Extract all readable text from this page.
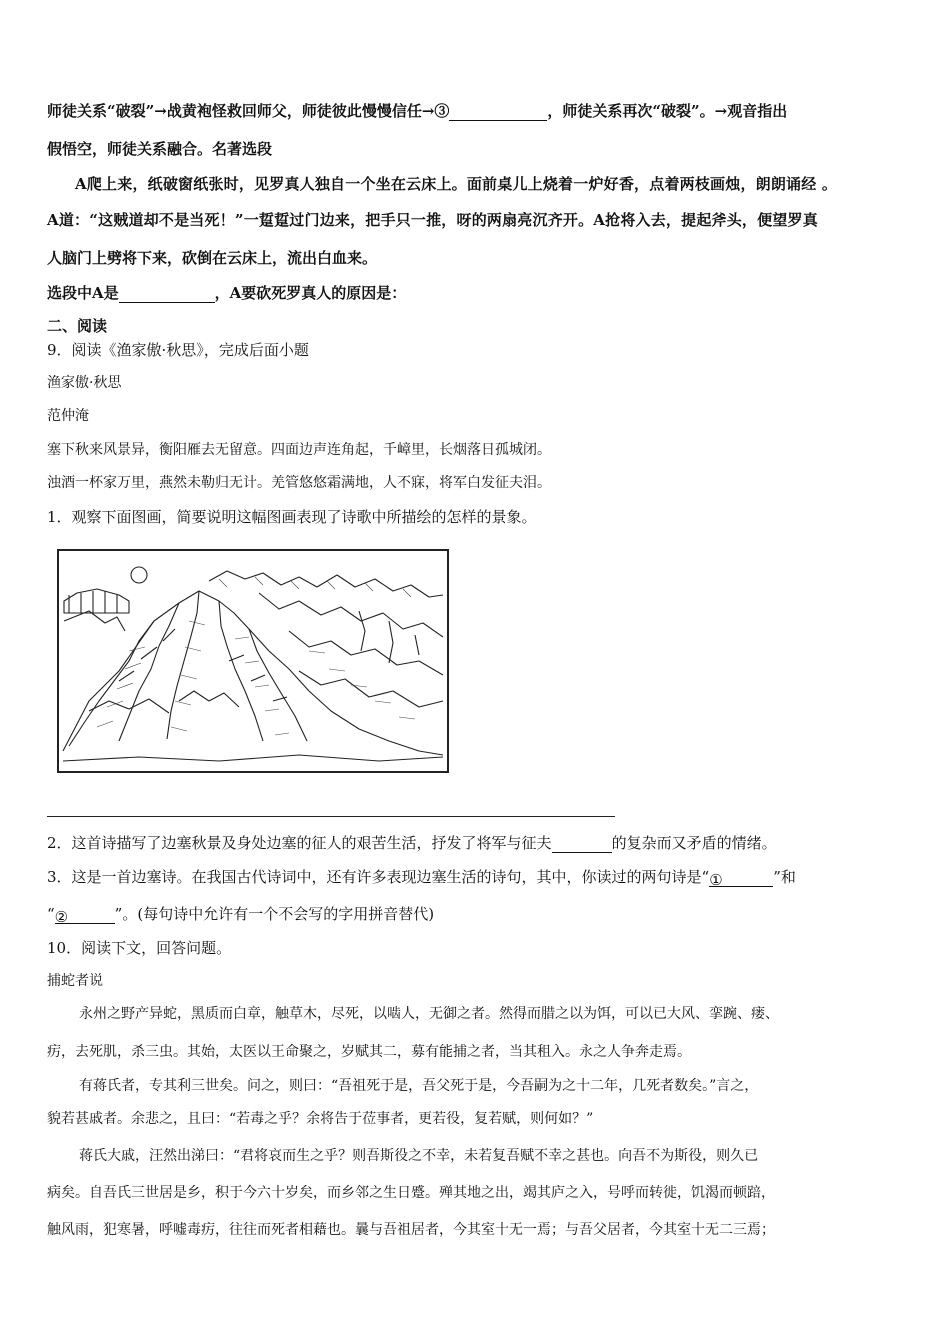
师徒关系“破裂”→战黄袍怪救回师父，师徒彼此慢慢信任→③	，师徒关系再次“破裂”。→观音指出
假悟空，师徒关系融合。名著选段
A爬上来，纸破窗纸张时，见罗真人独自一个坐在云床上。面前桌儿上烧着一炉好香，点着两枝画烛，朗朗诵经 。
A道：“这贼道却不是当死！”一踅踅过门边来，把手只一推，呀的两扇亮沉齐开。A抢将入去，提起斧头，便望罗真
人脑门上劈将下来，砍倒在云床上，流出白血来。
选段中A是	，A要砍死罗真人的原因是：
二、阅读
9．阅读《渔家傲·秋思》，完成后面小题
渔家傲·秋思
范仲淹
塞下秋来风景异，衡阳雁去无留意。四面边声连角起，千嶂里，长烟落日孤城闭。
浊酒一杯家万里，燕然未勒归无计。羌管悠悠霜满地，人不寐，将军白发征夫泪。
1．观察下面图画，简要说明这幅图画表现了诗歌中所描绘的怎样的景象。
2．这首诗描写了边塞秋景及身处边塞的征人的艰苦生活，抒发了将军与征夫	的复杂而又矛盾的情绪。
3．这是一首边塞诗。在我国古代诗词中，还有许多表现边塞生活的诗句，其中，你读过的两句诗是“①	”和
“②	”。(每句诗中允许有一个不会写的字用拼音替代)
10．阅读下文，回答问题。
捕蛇者说
永州之野产异蛇，黑质而白章，触草木，尽死，以啮人，无御之者。然得而腊之以为饵，可以已大风、挛踠、瘘、
疠，去死肌，杀三虫。其始，太医以王命聚之，岁赋其二，募有能捕之者，当其租入。永之人争奔走焉。
有蒋氏者，专其利三世矣。问之，则曰：“吾祖死于是，吾父死于是，今吾嗣为之十二年，几死者数矣。”言之，
貌若甚戚者。余悲之，且曰：“若毒之乎？余将告于莅事者，更若役，复若赋，则何如？”
蒋氏大戚，汪然出涕曰：“君将哀而生之乎？则吾斯役之不幸，未若复吾赋不幸之甚也。向吾不为斯役，则久已
病矣。自吾氏三世居是乡，积于今六十岁矣，而乡邻之生日蹙。殚其地之出，竭其庐之入，号呼而转徙，饥渴而顿踣，
触风雨，犯寒暑，呼嘘毒疠，往往而死者相藉也。曩与吾祖居者，今其室十无一焉；与吾父居者，今其室十无二三焉；
